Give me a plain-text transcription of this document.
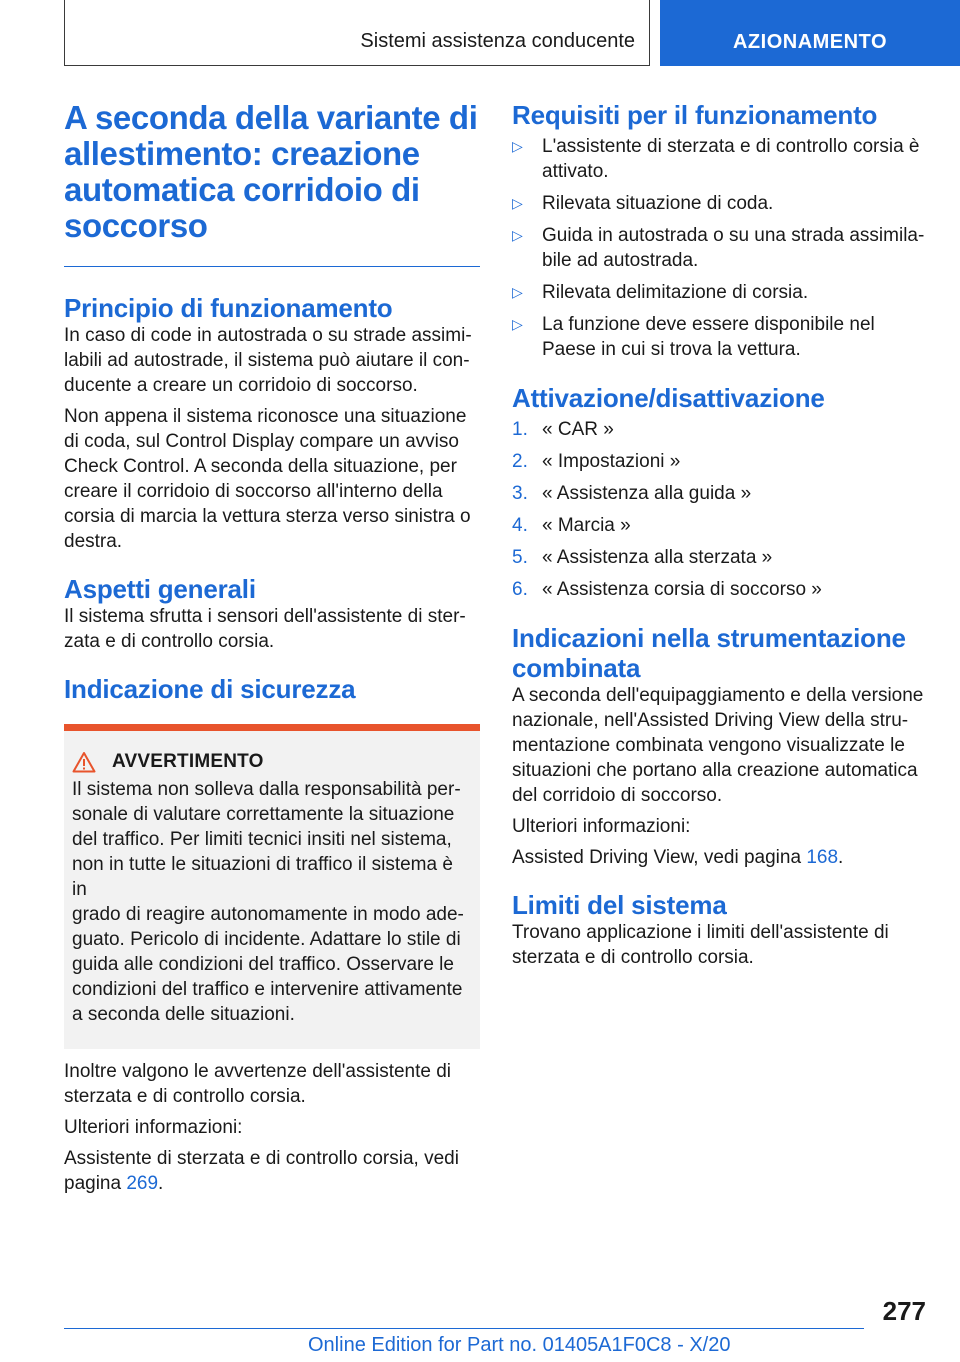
Sistemi assistenza conducente	AZIONAMENTO
A seconda della variante di
allestimento: creazione
automatica corridoio di
soccorso
Principio di funzionamento

In caso di code in autostrada o su strade assimi-
labili ad autostrade, il sistema può aiutare il con-
ducente a creare un corridoio di soccorso.

Non appena il sistema riconosce una situazione
di coda, sul Control Display compare un avviso
Check Control. A seconda della situazione, per
creare il corridoio di soccorso all'interno della
corsia di marcia la vettura sterza verso sinistra o
destra.

Aspetti generali

Il sistema sfrutta i sensori dell'assistente di ster-
zata e di controllo corsia.

Indicazione di sicurezza
AVVERTIMENTO

Il sistema non solleva dalla responsabilità per-
sonale di valutare correttamente la situazione
del traffico. Per limiti tecnici insiti nel sistema,
non in tutte le situazioni di traffico il sistema è in
grado di reagire autonomamente in modo ade-
guato. Pericolo di incidente. Adattare lo stile di
guida alle condizioni del traffico. Osservare le
condizioni del traffico e intervenire attivamente
a seconda delle situazioni.

Inoltre valgono le avvertenze dell'assistente di
sterzata e di controllo corsia.

Ulteriori informazioni:

Assistente di sterzata e di controllo corsia, vedi
pagina 269.

Requisiti per il funzionamento
▷ L'assistente di sterzata e di controllo corsia è
attivato.
▷ Rilevata situazione di coda.
▷ Guida in autostrada o su una strada assimila-
bile ad autostrada.
▷ Rilevata delimitazione di corsia.
▷ La funzione deve essere disponibile nel
Paese in cui si trova la vettura.
Attivazione/disattivazione
1. « CAR »
2. « Impostazioni »
3. « Assistenza alla guida »
4. « Marcia »
5. « Assistenza alla sterzata »
6. « Assistenza corsia di soccorso »
Indicazioni nella strumentazione
combinata

A seconda dell'equipaggiamento e della versione
nazionale, nell'Assisted Driving View della stru-
mentazione combinata vengono visualizzate le
situazioni che portano alla creazione automatica
del corridoio di soccorso.

Ulteriori informazioni:

Assisted Driving View, vedi pagina 168.

Limiti del sistema

Trovano applicazione i limiti dell'assistente di
sterzata e di controllo corsia.

277
Online Edition for Part no. 01405A1F0C8 - X/20
